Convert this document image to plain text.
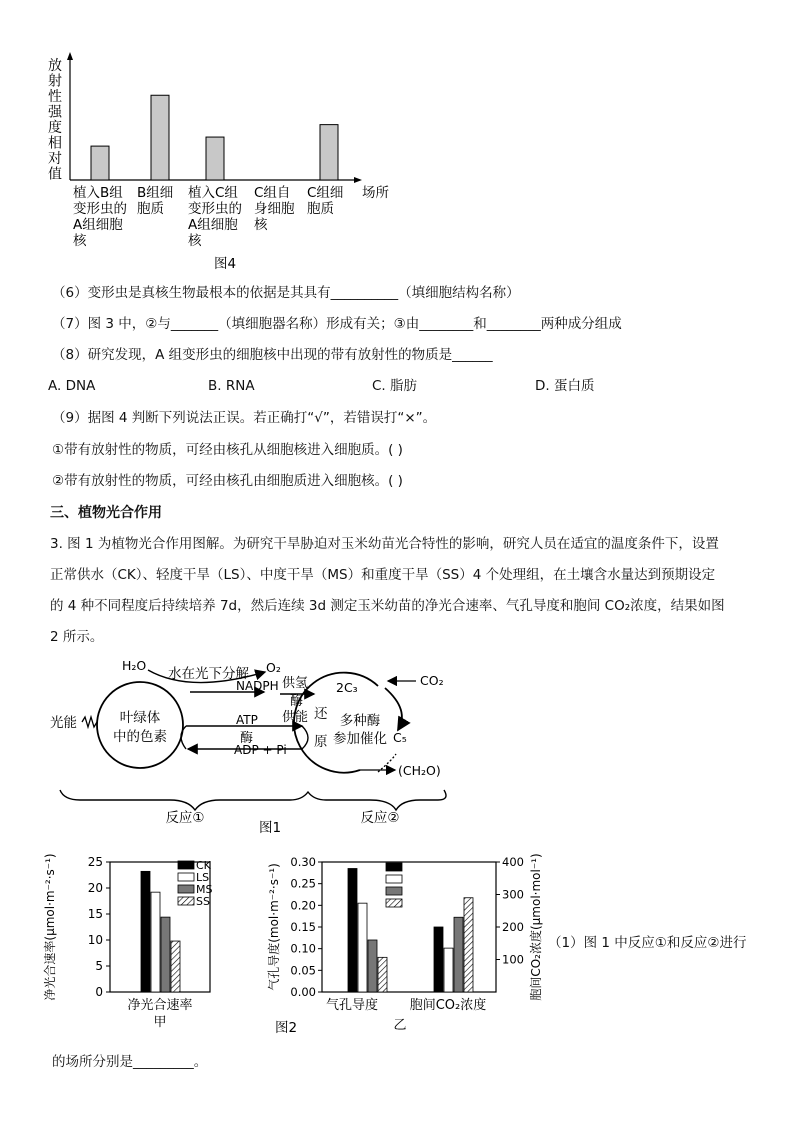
放
射
性
强
度
相
对
值
植入B组
变形虫的
A组细胞
核
B组细
胞质
植入C组
变形虫的
A组细胞
核
C组自
身细胞
核
C组细
胞质
场所
图4
（6）变形虫是真核生物最根本的依据是其具有__________（填细胞结构名称）
（7）图 3 中，②与_______（填细胞器名称）形成有关；③由________和________两种成分组成
（8）研究发现，A 组变形虫的细胞核中出现的带有放射性的物质是______
A. DNA	B. RNA	C. 脂肪	D. 蛋白质
（9）据图 4 判断下列说法正误。若正确打“√”，若错误打“×”。
①带有放射性的物质，可经由核孔从细胞核进入细胞质。( )
②带有放射性的物质，可经由核孔由细胞质进入细胞核。( )
三、植物光合作用
3. 图 1 为植物光合作用图解。为研究干旱胁迫对玉米幼苗光合特性的影响，研究人员在适宜的温度条件下，设置
正常供水（CK）、轻度干旱（LS）、中度干旱（MS）和重度干旱（SS）4 个处理组，在土壤含水量达到预期设定
的 4 种不同程度后持续培养 7d，然后连续 3d 测定玉米幼苗的净光合速率、气孔导度和胞间 CO₂浓度，结果如图
2 所示。
叶绿体
中的色素
光能	多种酶
参加催化
2C₃
C₅
CO₂
(CH₂O)
还
原
H₂O
水在光下分解 O₂
NADPH 供氢
酶
供能
ATP
酶
ADP + Pi
反应①	反应②
图1
0
5
10
15
20
25	CK
LS
MS
SS
净光合速率(μmol·m⁻²·s⁻¹)
净光合速率
甲
0.00
0.05
0.10
0.15
0.20
0.25
0.30
100
200
300
400
气孔导度(mol·m⁻²·s⁻¹)	胞间CO₂浓度(μmol·mol⁻¹)
气孔导度 胞间CO₂浓度
乙
图2
（1）图 1 中反应①和反应②进行
的场所分别是_________。
